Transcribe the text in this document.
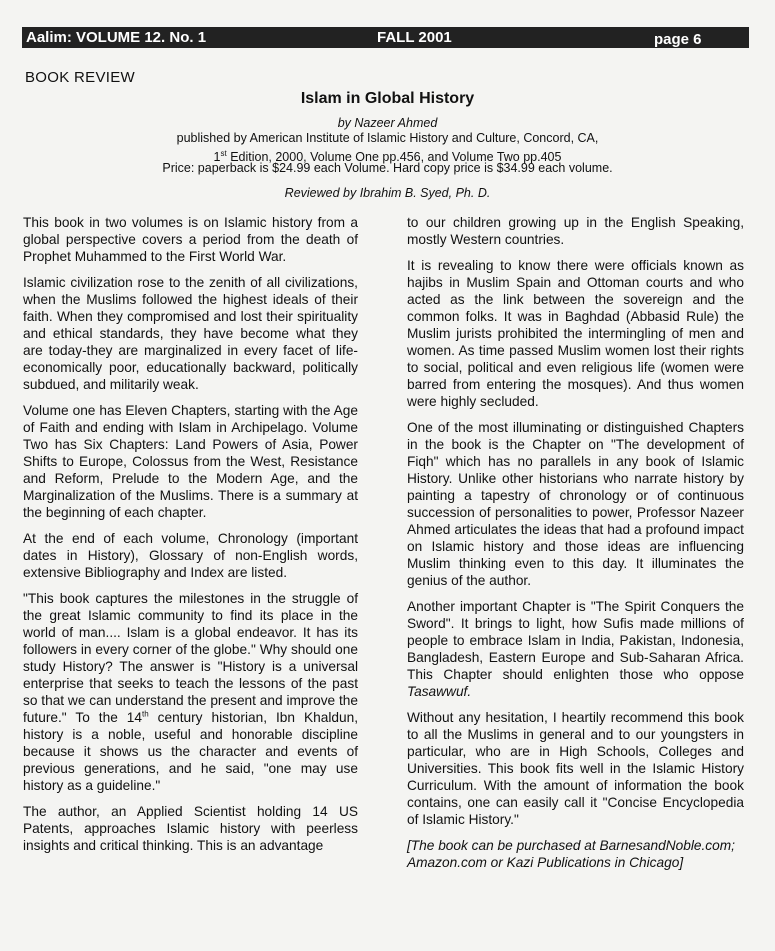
Aalim: VOLUME 12. No. 1	FALL 2001	page 6
BOOK REVIEW
Islam in Global History
by Nazeer Ahmed
published by American Institute of Islamic History and Culture, Concord, CA,
1st Edition, 2000, Volume One pp.456, and Volume Two pp.405
Price: paperback is $24.99 each Volume. Hard copy price is $34.99 each volume.
Reviewed by Ibrahim B. Syed, Ph. D.

This book in two volumes is on Islamic history from a global perspective covers a period from the death of Prophet Muhammed to the First World War.

Islamic civilization rose to the zenith of all civilizations, when the Muslims followed the highest ideals of their faith. When they compromised and lost their spirituality and ethical standards, they have become what they are today-they are marginalized in every facet of life-economically poor, educationally backward, politically subdued, and militarily weak.

Volume one has Eleven Chapters, starting with the Age of Faith and ending with Islam in Archipelago. Volume Two has Six Chapters: Land Powers of Asia, Power Shifts to Europe, Colossus from the West, Resistance and Reform, Prelude to the Modern Age, and the Marginalization of the Muslims. There is a summary at the beginning of each chapter.

At the end of each volume, Chronology (important dates in History), Glossary of non-English words, extensive Bibliography and Index are listed.

"This book captures the milestones in the struggle of the great Islamic community to find its place in the world of man.... Islam is a global endeavor. It has its followers in every corner of the globe." Why should one study History? The answer is "History is a universal enterprise that seeks to teach the lessons of the past so that we can understand the present and improve the future." To the 14th century historian, Ibn Khaldun, history is a noble, useful and honorable discipline because it shows us the character and events of previous generations, and he said, "one may use history as a guideline."

The author, an Applied Scientist holding 14 US Patents, approaches Islamic history with peerless insights and critical thinking. This is an advantage

to our children growing up in the English Speaking, mostly Western countries.

It is revealing to know there were officials known as hajibs in Muslim Spain and Ottoman courts and who acted as the link between the sovereign and the common folks. It was in Baghdad (Abbasid Rule) the Muslim jurists prohibited the intermingling of men and women. As time passed Muslim women lost their rights to social, political and even religious life (women were barred from entering the mosques). And thus women were highly secluded.

One of the most illuminating or distinguished Chapters in the book is the Chapter on "The development of Fiqh" which has no parallels in any book of Islamic History. Unlike other historians who narrate history by painting a tapestry of chronology or of continuous succession of personalities to power, Professor Nazeer Ahmed articulates the ideas that had a profound impact on Islamic history and those ideas are influencing Muslim thinking even to this day. It illuminates the genius of the author.

Another important Chapter is "The Spirit Conquers the Sword". It brings to light, how Sufis made millions of people to embrace Islam in India, Pakistan, Indonesia, Bangladesh, Eastern Europe and Sub-Saharan Africa. This Chapter should enlighten those who oppose Tasawwuf.

Without any hesitation, I heartily recommend this book to all the Muslims in general and to our youngsters in particular, who are in High Schools, Colleges and Universities. This book fits well in the Islamic History Curriculum. With the amount of information the book contains, one can easily call it "Concise Encyclopedia of Islamic History."

[The book can be purchased at BarnesandNoble.com; Amazon.com or Kazi Publications in Chicago]
